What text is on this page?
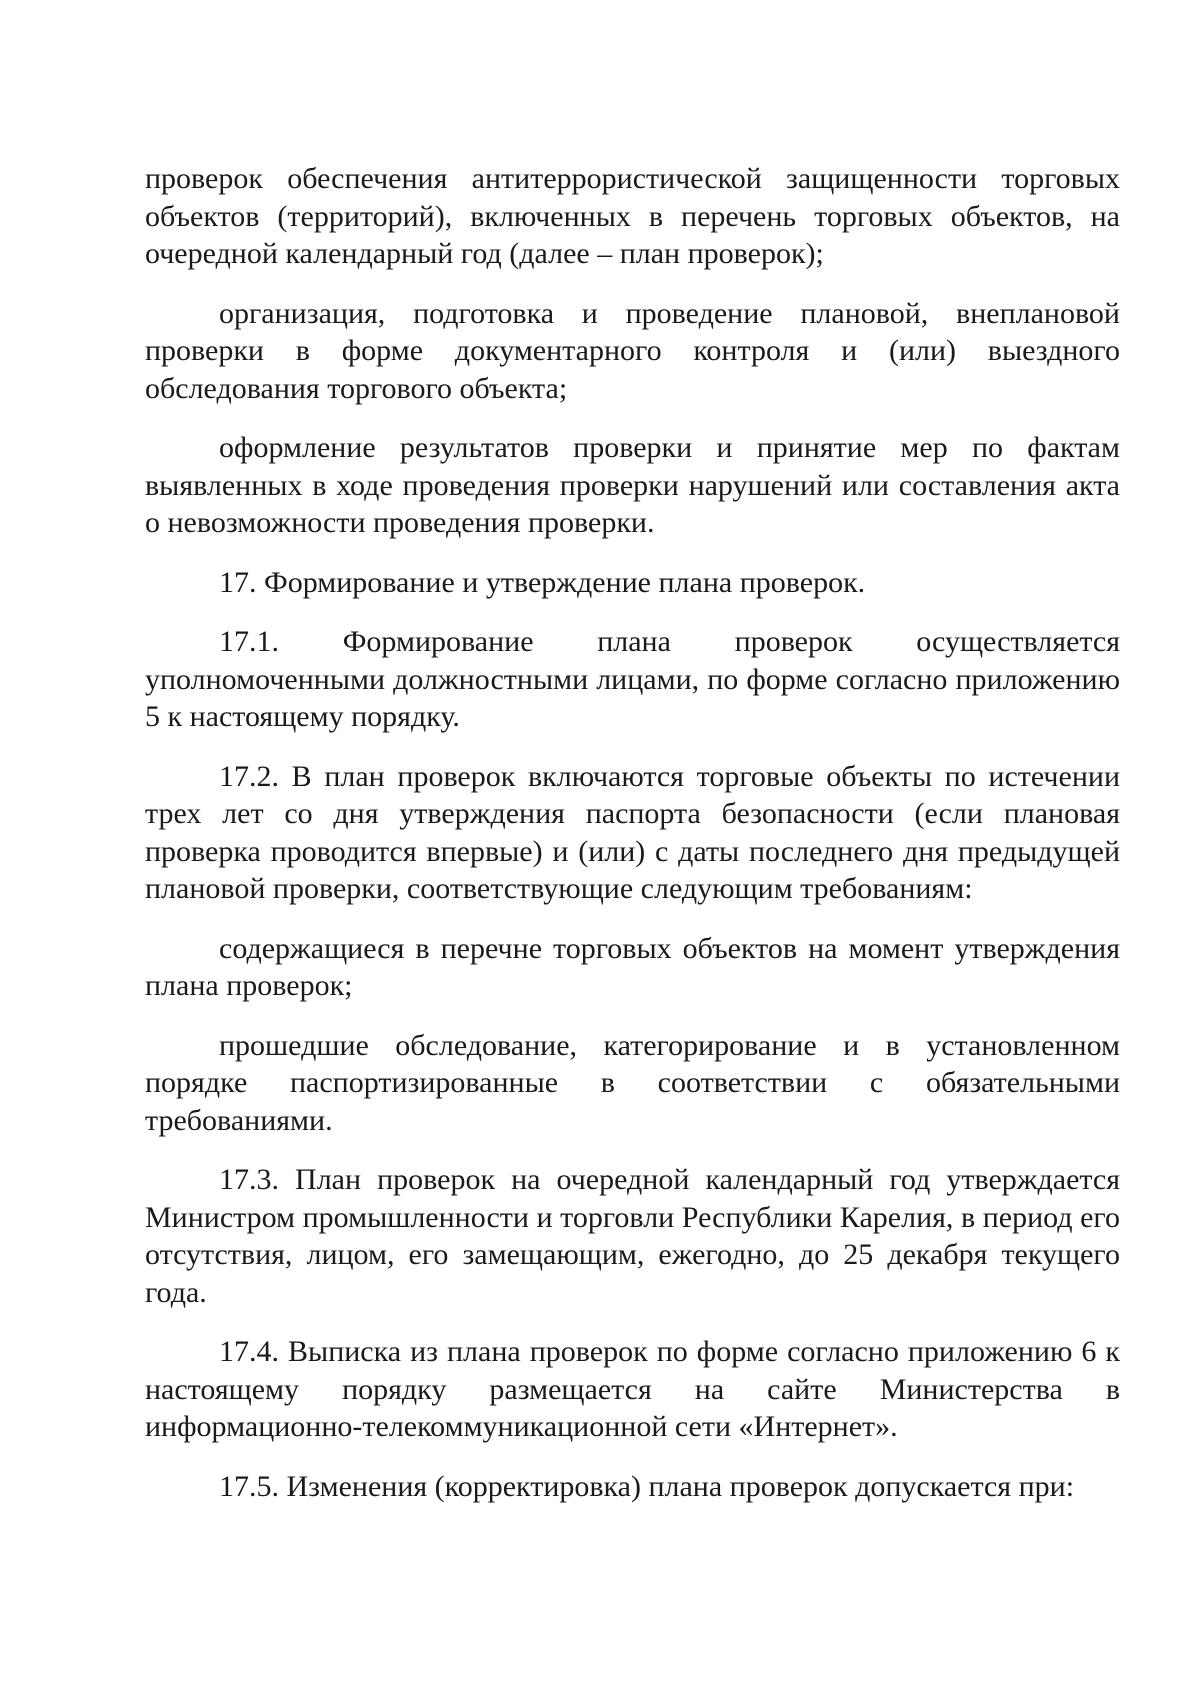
проверок обеспечения антитеррористической защищенности торговых объектов (территорий), включенных в перечень торговых объектов, на очередной календарный год (далее – план проверок);

организация, подготовка и проведение плановой, внеплановой проверки в форме документарного контроля и (или) выездного обследования торгового объекта;

оформление результатов проверки и принятие мер по фактам выявленных в ходе проведения проверки нарушений или составления акта о невозможности проведения проверки.

17. Формирование и утверждение плана проверок.

17.1. Формирование плана проверок осуществляется уполномоченными должностными лицами, по форме согласно приложению 5 к настоящему порядку.

17.2. В план проверок включаются торговые объекты по истечении трех лет со дня утверждения паспорта безопасности (если плановая проверка проводится впервые) и (или) с даты последнего дня предыдущей плановой проверки, соответствующие следующим требованиям:

содержащиеся в перечне торговых объектов на момент утверждения плана проверок;

прошедшие обследование, категорирование и в установленном порядке паспортизированные в соответствии с обязательными требованиями.

17.3. План проверок на очередной календарный год утверждается Министром промышленности и торговли Республики Карелия, в период его отсутствия, лицом, его замещающим, ежегодно, до 25 декабря текущего года.

17.4. Выписка из плана проверок по форме согласно приложению 6 к настоящему порядку размещается на сайте Министерства в информационно-телекоммуникационной сети «Интернет».

17.5. Изменения (корректировка) плана проверок допускается при:
